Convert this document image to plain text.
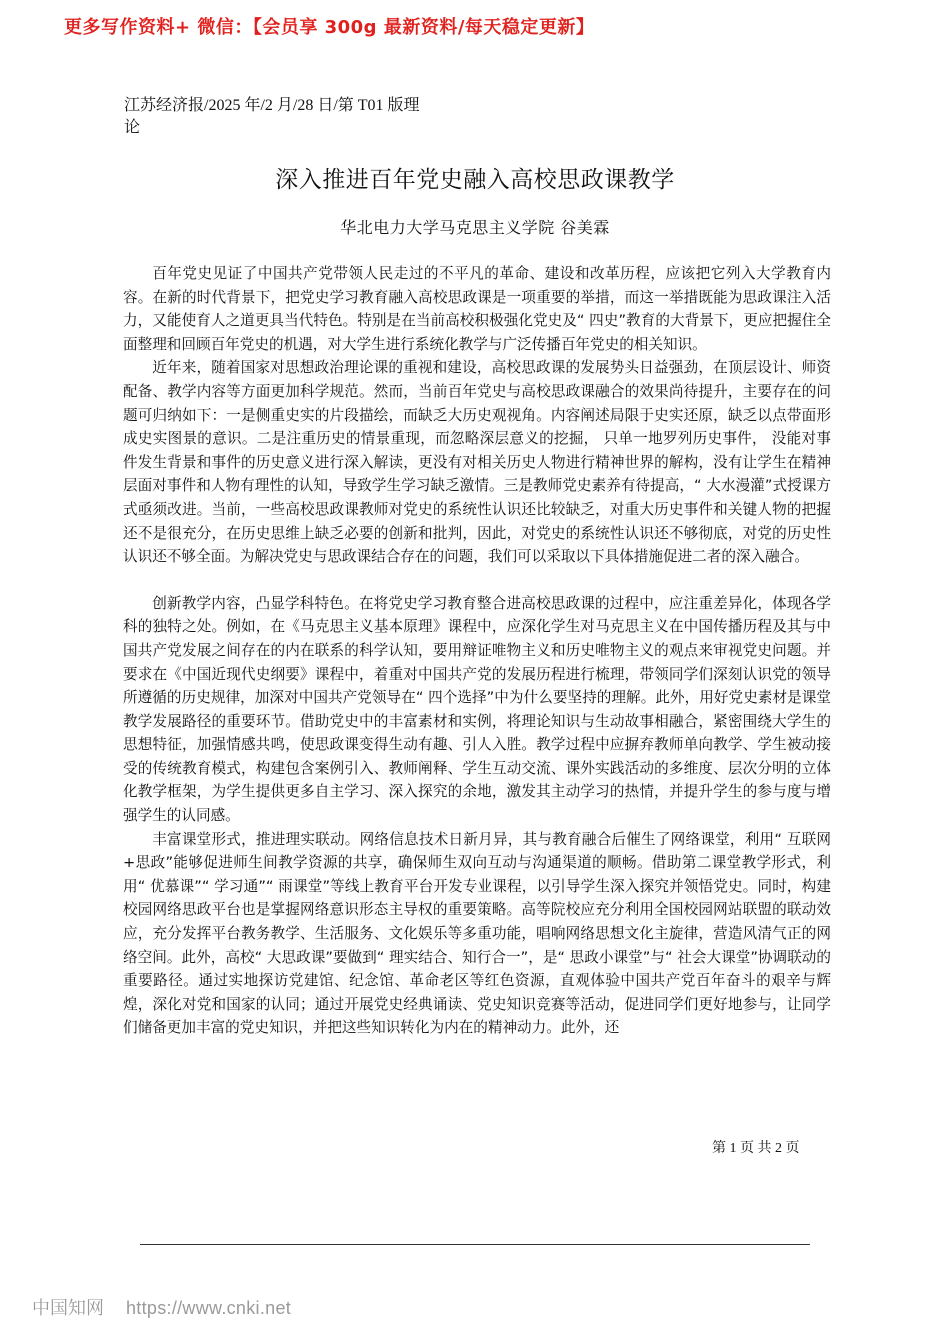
更多写作资料+ 微信：【会员享 300g 最新资料/每天稳定更新】
江苏经济报/2025 年/2 月/28 日/第 T01 版理论
深入推进百年党史融入高校思政课教学
华北电力大学马克思主义学院 谷美霖

百年党史见证了中国共产党带领人民走过的不平凡的革命、建设和改革历程，应该把它列入大学教育内容。在新的时代背景下，把党史学习教育融入高校思政课是一项重要的举措，而这一举措既能为思政课注入活力，又能使育人之道更具当代特色。特别是在当前高校积极强化党史及“ 四史”教育的大背景下，更应把握住全面整理和回顾百年党史的机遇，对大学生进行系统化教学与广泛传播百年党史的相关知识。

近年来，随着国家对思想政治理论课的重视和建设，高校思政课的发展势头日益强劲，在顶层设计、师资配备、教学内容等方面更加科学规范。然而，当前百年党史与高校思政课融合的效果尚待提升，主要存在的问题可归纳如下：一是侧重史实的片段描绘，而缺乏大历史观视角。内容阐述局限于史实还原，缺乏以点带面形成史实图景的意识。二是注重历史的情景重现，而忽略深层意义的挖掘， 只单一地罗列历史事件， 没能对事件发生背景和事件的历史意义进行深入解读，更没有对相关历史人物进行精神世界的解构，没有让学生在精神层面对事件和人物有理性的认知，导致学生学习缺乏激情。三是教师党史素养有待提高，“ 大水漫灌”式授课方式亟须改进。当前，一些高校思政课教师对党史的系统性认识还比较缺乏，对重大历史事件和关键人物的把握还不是很充分，在历史思维上缺乏必要的创新和批判，因此，对党史的系统性认识还不够彻底，对党的历史性认识还不够全面。为解决党史与思政课结合存在的问题，我们可以采取以下具体措施促进二者的深入融合。

创新教学内容，凸显学科特色。在将党史学习教育整合进高校思政课的过程中，应注重差异化，体现各学科的独特之处。例如，在《马克思主义基本原理》课程中，应深化学生对马克思主义在中国传播历程及其与中国共产党发展之间存在的内在联系的科学认知，要用辩证唯物主义和历史唯物主义的观点来审视党史问题。并要求在《中国近现代史纲要》课程中，着重对中国共产党的发展历程进行梳理，带领同学们深刻认识党的领导所遵循的历史规律，加深对中国共产党领导在“ 四个选择”中为什么要坚持的理解。此外，用好党史素材是课堂教学发展路径的重要环节。借助党史中的丰富素材和实例，将理论知识与生动故事相融合，紧密围绕大学生的思想特征，加强情感共鸣，使思政课变得生动有趣、引人入胜。教学过程中应摒弃教师单向教学、学生被动接受的传统教育模式，构建包含案例引入、教师阐释、学生互动交流、课外实践活动的多维度、层次分明的立体化教学框架，为学生提供更多自主学习、深入探究的余地，激发其主动学习的热情，并提升学生的参与度与增强学生的认同感。

丰富课堂形式，推进理实联动。网络信息技术日新月异，其与教育融合后催生了网络课堂，利用“ 互联网+思政”能够促进师生间教学资源的共享，确保师生双向互动与沟通渠道的顺畅。借助第二课堂教学形式，利用“ 优慕课”“ 学习通”“ 雨课堂”等线上教育平台开发专业课程，以引导学生深入探究并领悟党史。同时，构建校园网络思政平台也是掌握网络意识形态主导权的重要策略。高等院校应充分利用全国校园网站联盟的联动效应，充分发挥平台教务教学、生活服务、文化娱乐等多重功能，唱响网络思想文化主旋律，营造风清气正的网络空间。此外，高校“ 大思政课”要做到“ 理实结合、知行合一”，是“ 思政小课堂”与“ 社会大课堂”协调联动的重要路径。通过实地探访党建馆、纪念馆、革命老区等红色资源，直观体验中国共产党百年奋斗的艰辛与辉煌，深化对党和国家的认同；通过开展党史经典诵读、党史知识竞赛等活动，促进同学们更好地参与，让同学们储备更加丰富的党史知识，并把这些知识转化为内在的精神动力。此外，还

第 1 页 共 2 页
中国知网 https://www.cnki.net
